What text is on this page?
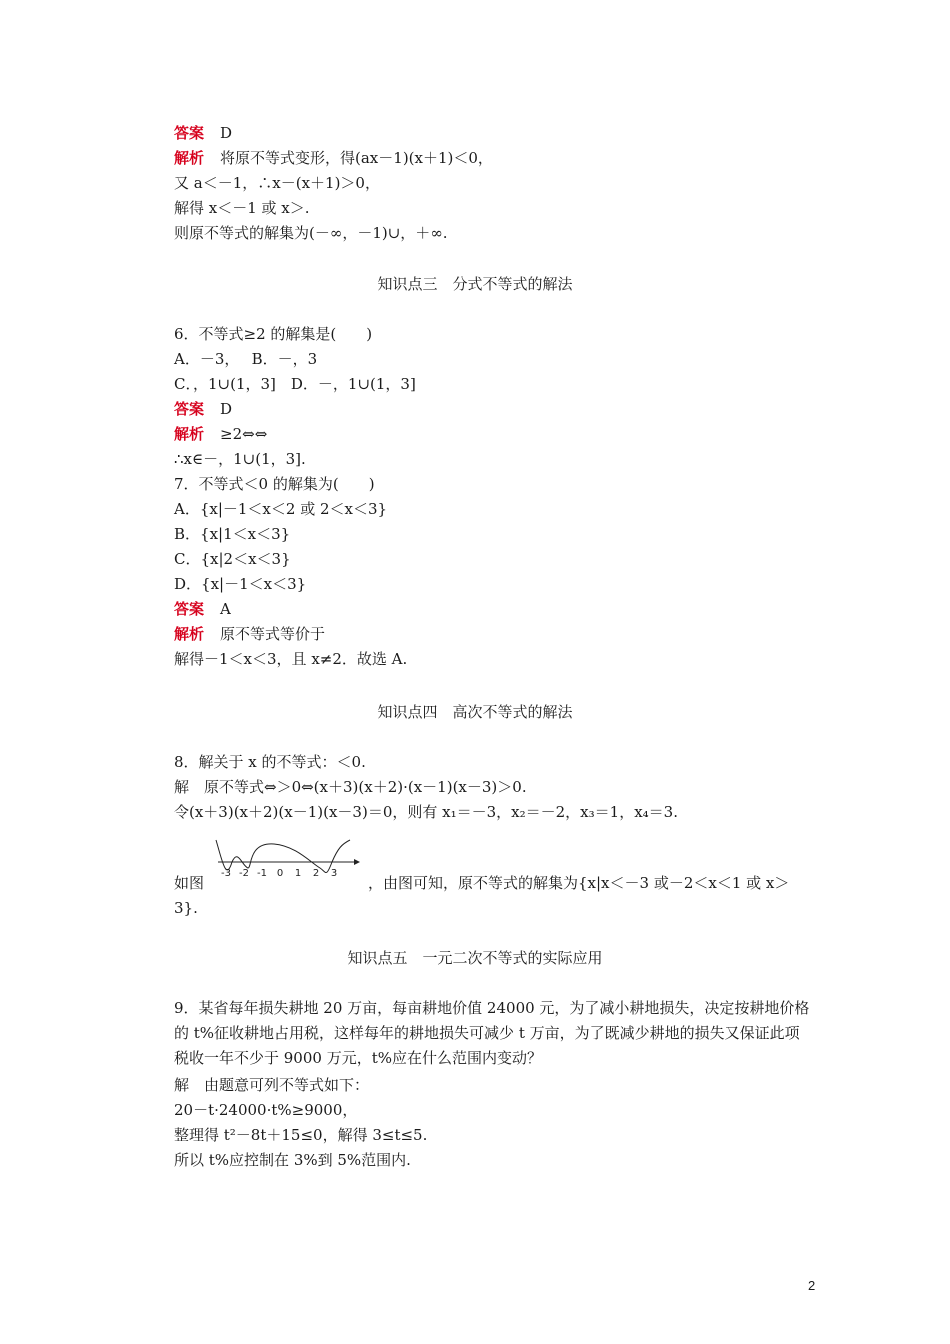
答案 D
解析 将原不等式变形，得(ax－1)(x＋1)＜0，
又 a＜－1，∴x－(x＋1)＞0，
解得 x＜－1 或 x＞.
则原不等式的解集为(－∞，－1)∪，＋∞.
知识点三　分式不等式的解法
6．不等式≥2 的解集是(　　)
A．－3，　 B．－，3
C．，1∪(1，3]　D．－，1∪(1，3]
答案 D
解析 ≥2⇔⇔
∴x∈－，1∪(1，3].
7．不等式＜0 的解集为(　　)
A．{x|－1＜x＜2 或 2＜x＜3}
B．{x|1＜x＜3}
C．{x|2＜x＜3}
D．{x|－1＜x＜3}
答案 A
解析 原不等式等价于
解得－1＜x＜3，且 x≠2．故选 A.
知识点四　高次不等式的解法
8．解关于 x 的不等式：＜0.
解　原不等式⇔＞0⇔(x＋3)(x＋2)·(x－1)(x－3)＞0.
令(x＋3)(x＋2)(x－1)(x－3)＝0，则有 x₁＝－3，x₂＝－2，x₃＝1，x₄＝3.
如图
-3 -2 -1 0 1 2 3
，由图可知，原不等式的解集为{x|x＜－3 或－2＜x＜1 或 x＞
3}.
知识点五　一元二次不等式的实际应用
9．某省每年损失耕地 20 万亩，每亩耕地价值 24000 元，为了减小耕地损失，决定按耕地价格的 t%征收耕地占用税，这样每年的耕地损失可减少 t 万亩，为了既减少耕地的损失又保证此项税收一年不少于 9000 万元，t%应在什么范围内变动？
解　由题意可列不等式如下：
20－t·24000·t%≥9000，
整理得 t²－8t＋15≤0，解得 3≤t≤5.
所以 t%应控制在 3%到 5%范围内.
2
